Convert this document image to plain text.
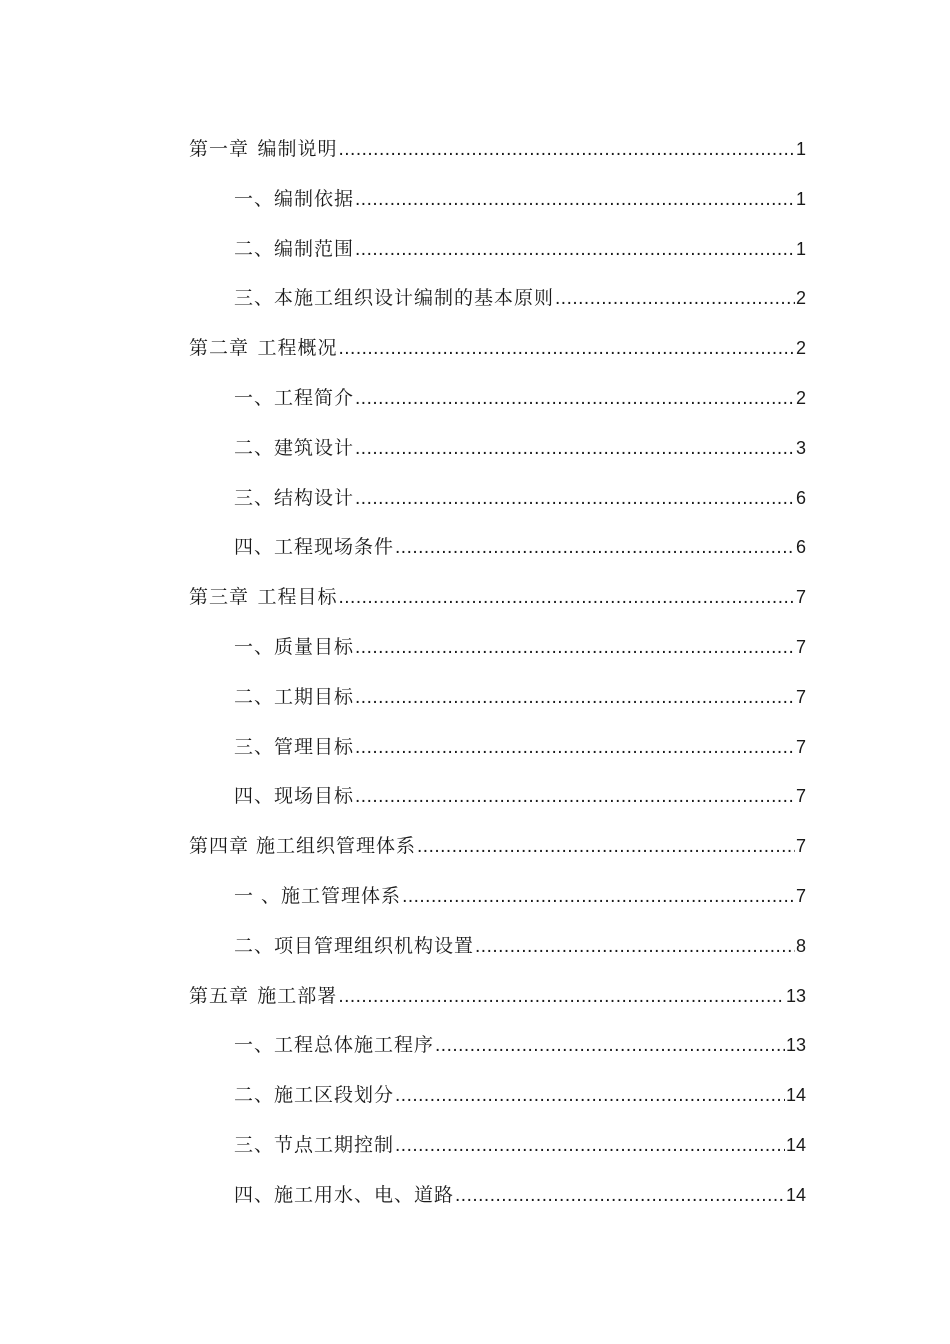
第一章 编制说明 .....	1
一、 编制依据 .....	1
二、 编制范围 .....	1
三、 本施工组织设计编制的基本原则 .....	2
第二章 工程概况 .....	2
一、 工程简介 .....	2
二、 建筑设计 .....	3
三、 结构设计 .....	6
四、 工程现场条件 .....	6
第三章 工程目标 .....	7
一、 质量目标 .....	7
二、 工期目标 .....	7
三、 管理目标 .....	7
四、 现场目标 .....	7
第四章 施工组织管理体系 .....	7
一 、 施工管理体系 .....	7
二、 项目管理组织机构设置 .....	8
第五章 施工部署 .....	13
一、 工程总体施工程序 .....	13
二、 施工区段划分 .....	14
三、 节点工期控制 .....	14
四、 施工用水、电、道路 .....	14
